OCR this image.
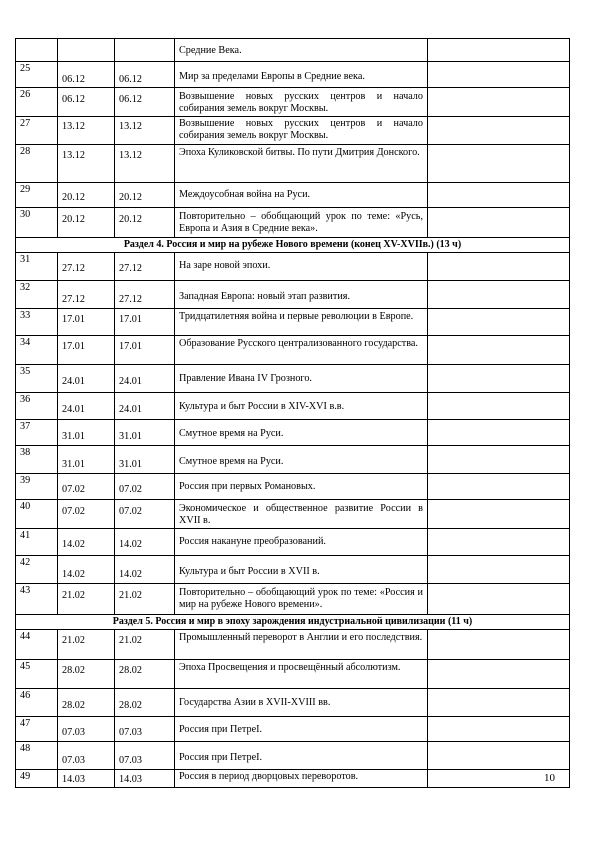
			Средние Века.	
25	06.12	06.12	Мир за пределами Европы в Средние века.	
26	06.12	06.12	Возвышение новых русских центров и начало собирания земель вокруг Москвы.	
27	13.12	13.12	Возвышение новых русских центров и начало собирания земель вокруг Москвы.	
28	13.12	13.12	Эпоха Куликовской битвы. По пути Дмитрия Донского.	
29	20.12	20.12	Междоусобная война на Руси.	
30	20.12	20.12	Повторительно – обобщающий урок по теме: «Русь, Европа и Азия в Средние века».	
Раздел 4. Россия и мир на рубеже Нового времени (конец XV-XVIIв.) (13 ч)				
31	27.12	27.12	На заре новой эпохи.	
32	27.12	27.12	Западная Европа: новый этап развития.	
33	17.01	17.01	Тридцатилетняя война и первые революции в Европе.	
34	17.01	17.01	Образование Русского централизованного государства.	
35	24.01	24.01	Правление Ивана IV Грозного.	
36	24.01	24.01	Культура и быт России в XIV-XVI в.в.	
37	31.01	31.01	Смутное время на Руси.	
38	31.01	31.01	Смутное время на Руси.	
39	07.02	07.02	Россия при первых Романовых.	
40	07.02	07.02	Экономическое и общественное развитие России в XVII в.	
41	14.02	14.02	Россия накануне преобразований.	
42	14.02	14.02	Культура и быт России в XVII в.	
43	21.02	21.02	Повторительно – обобщающий урок по теме: «Россия и мир на рубеже Нового времени».	
Раздел 5. Россия и мир в эпоху зарождения индустриальной цивилизации (11 ч)				
44	21.02	21.02	Промышленный переворот в Англии и его последствия.	
45	28.02	28.02	Эпоха Просвещения и просвещённый абсолютизм.	
46	28.02	28.02	Государства Азии в XVII-XVIII вв.	
47	07.03	07.03	Россия при ПетреI.	
48	07.03	07.03	Россия при ПетреI.	
49	14.03	14.03	Россия в период дворцовых переворотов.		10
